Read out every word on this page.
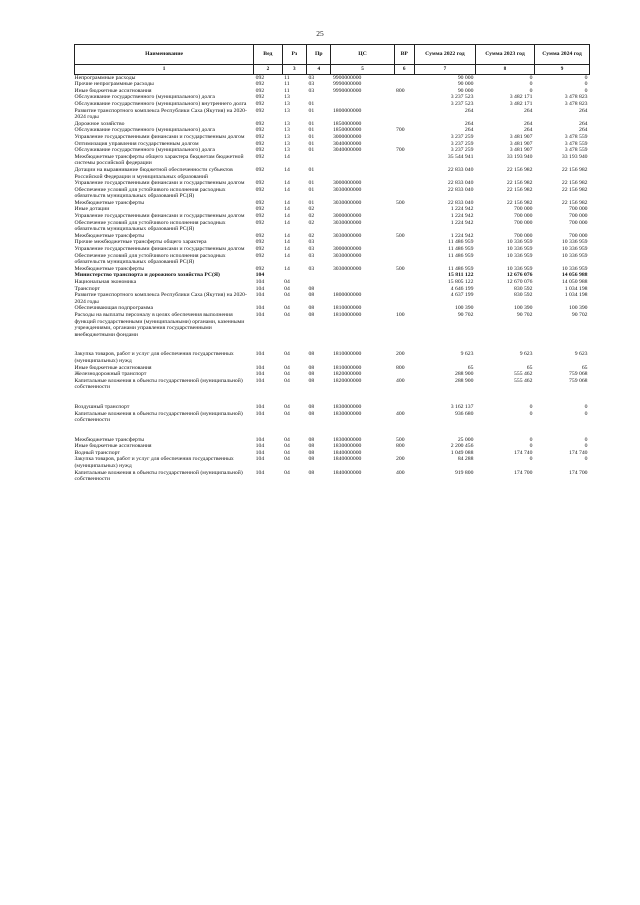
25
Наименование	Вед	Рз	Пр	ЦС	ВР	Сумма 2022 год	Сумма 2023 год	Сумма 2024 год
1	2	3	4	5	6	7	8	9
Непрограммные расходы	092	11	03	9900000000		90 000	0	0
Прочие непрограммные расходы	092	11	03	9990000000		90 000	0	0
Иные бюджетные ассигнования	092	11	03	9990000000	800	90 000	0	0
Обслуживание государственного (муниципального) долга	092	13				3 237 523	3 482 171	3 478 823
Обслуживание государственного (муниципального) внутреннего долга	092	13	01			3 237 523	3 482 171	3 478 823
Развитие транспортного комплекса Республики Саха (Якутия) на 2020-2024 годы	092	13	01	1800000000		264	264	264
Дорожное хозяйство	092	13	01	1850000000		264	264	264
Обслуживание государственного (муниципального) долга	092	13	01	1850000000	700	264	264	264
Управление государственными финансами и государственным долгом	092	13	01	3000000000		3 237 259	3 481 907	3 478 559
Оптимизация управления государственным долгом	092	13	01	3040000000		3 237 259	3 481 907	3 478 559
Обслуживание государственного (муниципального) долга	092	13	01	3040000000	700	3 237 259	3 481 907	3 478 559
Межбюджетные трансферты общего характера бюджетам бюджетной системы российской федерации	092	14				35 544 941	33 193 940	33 193 940
Дотации на выравнивание бюджетной обеспеченности субъектов Российской Федерации и муниципальных образований	092	14	01			22 833 040	22 156 982	22 156 982
Управление государственными финансами и государственным долгом	092	14	01	3000000000		22 833 040	22 156 982	22 156 982
Обеспечение условий для устойчивого исполнения расходных обязательств муниципальных образований РС(Я)	092	14	01	3030000000		22 833 040	22 156 982	22 156 982
Межбюджетные трансферты	092	14	01	3030000000	500	22 833 040	22 156 982	22 156 982
Иные дотации	092	14	02			1 224 942	700 000	700 000
Управление государственными финансами и государственным долгом	092	14	02	3000000000		1 224 942	700 000	700 000
Обеспечение условий для устойчивого исполнения расходных обязательств муниципальных образований РС(Я)	092	14	02	3030000000		1 224 942	700 000	700 000
Межбюджетные трансферты	092	14	02	3030000000	500	1 224 942	700 000	700 000
Прочие межбюджетные трансферты общего характера	092	14	03			11 486 959	10 336 959	10 336 959
Управление государственными финансами и государственным долгом	092	14	03	3000000000		11 486 959	10 336 959	10 336 959
Обеспечение условий для устойчивого исполнения расходных обязательств муниципальных образований РС(Я)	092	14	03	3030000000		11 486 959	10 336 959	10 336 959
Межбюджетные трансферты	092	14	03	3030000000	500	11 486 959	10 336 959	10 336 959
Министерство транспорта и дорожного хозяйства РС(Я)	104					15 811 122	12 676 076	14 056 988
Национальная экономика	104	04				15 805 122	12 670 076	14 050 988
Транспорт	104	04	08			4 646 199	830 592	1 034 198
Развитие транспортного комплекса Республики Саха (Якутия) на 2020-2024 годы	104	04	08	1800000000		4 637 199	830 592	1 034 198
Обеспечивающая подпрограмма	104	04	08	1810000000		100 390	100 390	100 390
Расходы на выплаты персоналу в целях обеспечения выполнения функций государственными (муниципальными) органами, казенными учреждениями, органами управления государственными внебюджетными фондами	104	04	08	1810000000	100	90 702	90 702	90 702
Закупка товаров, работ и услуг для обеспечения государственных (муниципальных) нужд	104	04	08	1810000000	200	9 623	9 623	9 623
Иные бюджетные ассигнования	104	04	08	1810000000	800	65	65	65
Железнодорожный транспорт	104	04	08	1820000000		288 900	555 462	759 068
Капитальные вложения в объекты государственной (муниципальной) собственности	104	04	08	1820000000	400	288 900	555 462	759 068
Воздушный транспорт	104	04	08	1830000000		3 162 137	0	0
Капитальные вложения в объекты государственной (муниципальной) собственности	104	04	08	1830000000	400	936 680	0	0
Межбюджетные трансферты	104	04	08	1830000000	500	25 000	0	0
Иные бюджетные ассигнования	104	04	08	1830000000	800	2 200 456	0	0
Водный транспорт	104	04	08	1840000000		1 049 088	174 740	174 740
Закупка товаров, работ и услуг для обеспечения государственных (муниципальных) нужд	104	04	08	1840000000	200	84 288	0	0
Капитальные вложения в объекты государственной (муниципальной) собственности	104	04	08	1840000000	400	919 800	174 700	174 700
